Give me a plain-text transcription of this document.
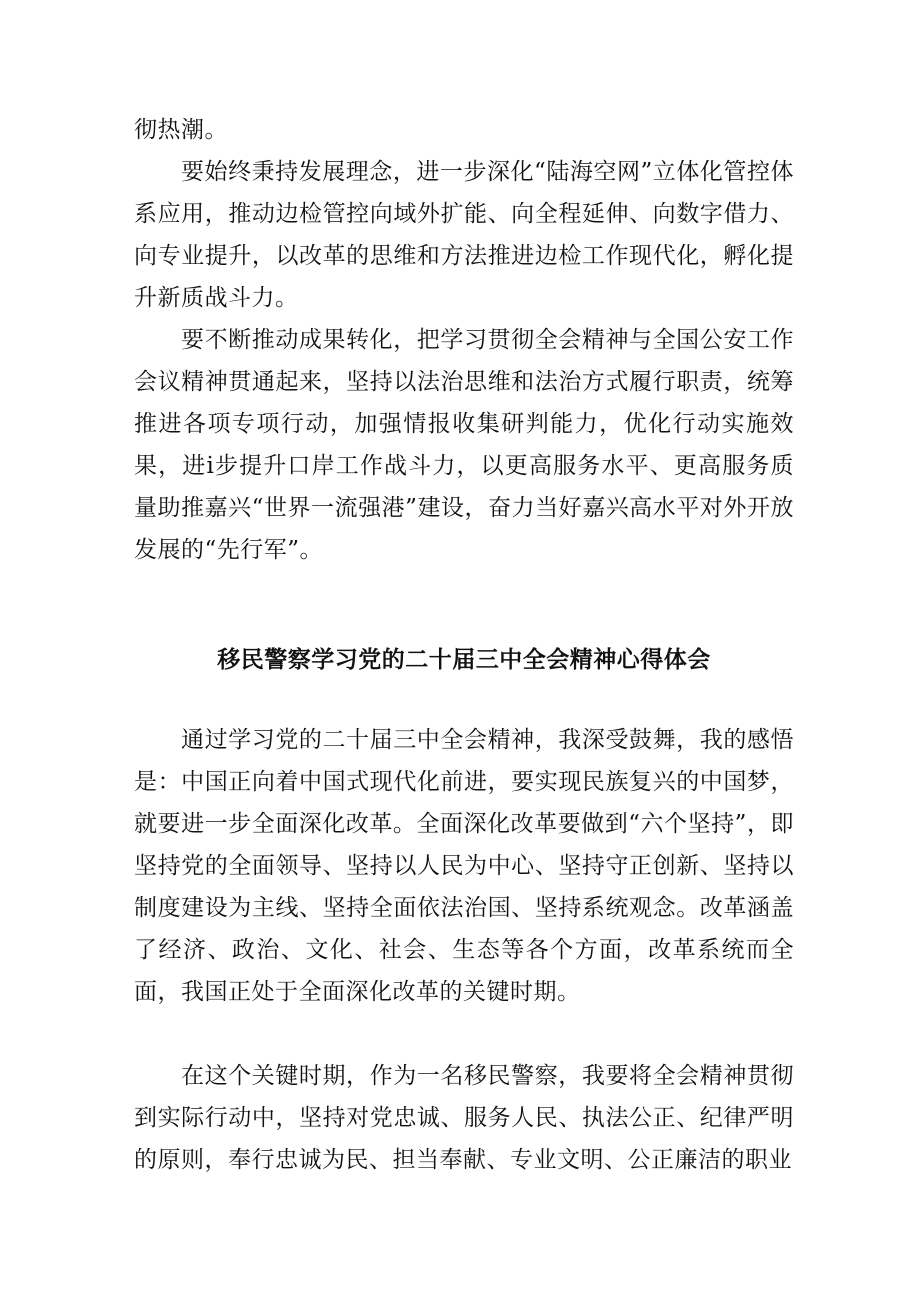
彻热潮。
要始终秉持发展理念，进一步深化“陆海空网”立体化管控体系应用，推动边检管控向域外扩能、向全程延伸、向数字借力、向专业提升，以改革的思维和方法推进边检工作现代化，孵化提升新质战斗力。
要不断推动成果转化，把学习贯彻全会精神与全国公安工作会议精神贯通起来，坚持以法治思维和法治方式履行职责，统筹推进各项专项行动，加强情报收集研判能力，优化行动实施效果，进i步提升口岸工作战斗力，以更高服务水平、更高服务质量助推嘉兴“世界一流强港”建设，奋力当好嘉兴高水平对外开放发展的“先行军”。
移民警察学习党的二十届三中全会精神心得体会
通过学习党的二十届三中全会精神，我深受鼓舞，我的感悟是：中国正向着中国式现代化前进，要实现民族复兴的中国梦，就要进一步全面深化改革。全面深化改革要做到“六个坚持”，即坚持党的全面领导、坚持以人民为中心、坚持守正创新、坚持以制度建设为主线、坚持全面依法治国、坚持系统观念。改革涵盖了经济、政治、文化、社会、生态等各个方面，改革系统而全面，我国正处于全面深化改革的关键时期。
在这个关键时期，作为一名移民警察，我要将全会精神贯彻到实际行动中，坚持对党忠诚、服务人民、执法公正、纪律严明的原则，奉行忠诚为民、担当奉献、专业文明、公正廉洁的职业
